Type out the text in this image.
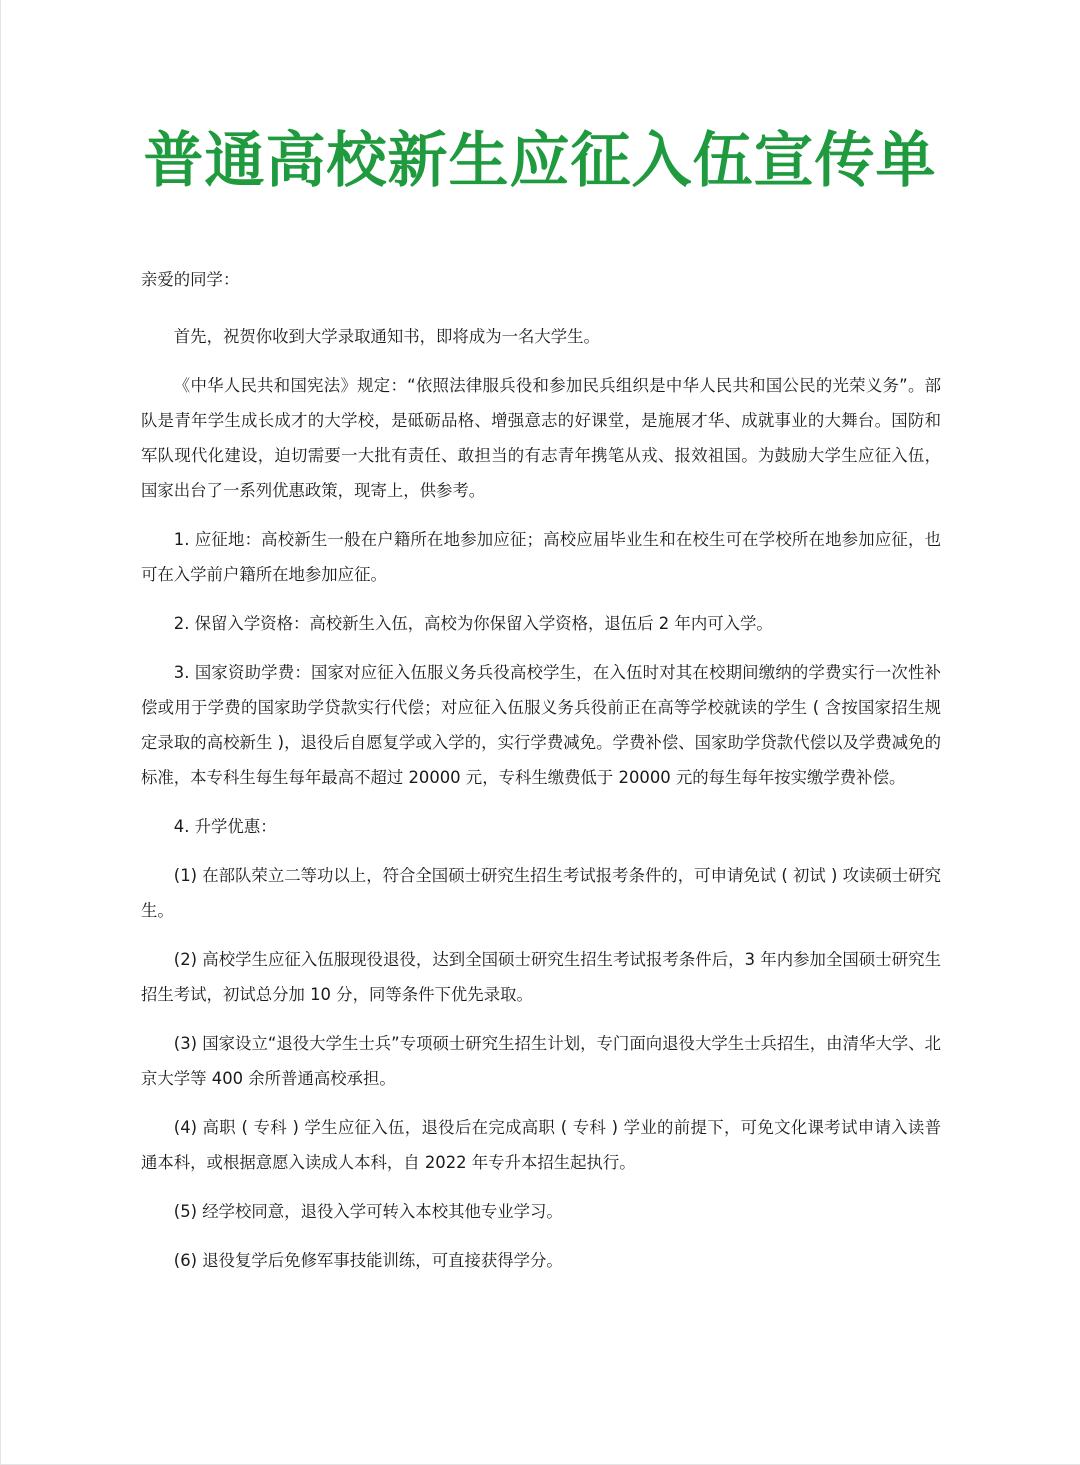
普通高校新生应征入伍宣传单

亲爱的同学：

首先，祝贺你收到大学录取通知书，即将成为一名大学生。

《中华人民共和国宪法》规定：“依照法律服兵役和参加民兵组织是中华人民共和国公民的光荣义务”。部队是青年学生成长成才的大学校，是砥砺品格、增强意志的好课堂，是施展才华、成就事业的大舞台。国防和军队现代化建设，迫切需要一大批有责任、敢担当的有志青年携笔从戎、报效祖国。为鼓励大学生应征入伍，国家出台了一系列优惠政策，现寄上，供参考。

1. 应征地：高校新生一般在户籍所在地参加应征；高校应届毕业生和在校生可在学校所在地参加应征，也可在入学前户籍所在地参加应征。

2. 保留入学资格：高校新生入伍，高校为你保留入学资格，退伍后 2 年内可入学。

3. 国家资助学费：国家对应征入伍服义务兵役高校学生，在入伍时对其在校期间缴纳的学费实行一次性补偿或用于学费的国家助学贷款实行代偿；对应征入伍服义务兵役前正在高等学校就读的学生 ( 含按国家招生规定录取的高校新生 )，退役后自愿复学或入学的，实行学费减免。学费补偿、国家助学贷款代偿以及学费减免的标准，本专科生每生每年最高不超过 20000 元，专科生缴费低于 20000 元的每生每年按实缴学费补偿。

4. 升学优惠：

(1) 在部队荣立二等功以上，符合全国硕士研究生招生考试报考条件的，可申请免试 ( 初试 ) 攻读硕士研究生。

(2) 高校学生应征入伍服现役退役，达到全国硕士研究生招生考试报考条件后，3 年内参加全国硕士研究生招生考试，初试总分加 10 分，同等条件下优先录取。

(3) 国家设立“退役大学生士兵”专项硕士研究生招生计划，专门面向退役大学生士兵招生，由清华大学、北京大学等 400 余所普通高校承担。

(4) 高职 ( 专科 ) 学生应征入伍，退役后在完成高职 ( 专科 ) 学业的前提下，可免文化课考试申请入读普通本科，或根据意愿入读成人本科，自 2022 年专升本招生起执行。

(5) 经学校同意，退役入学可转入本校其他专业学习。

(6) 退役复学后免修军事技能训练，可直接获得学分。
